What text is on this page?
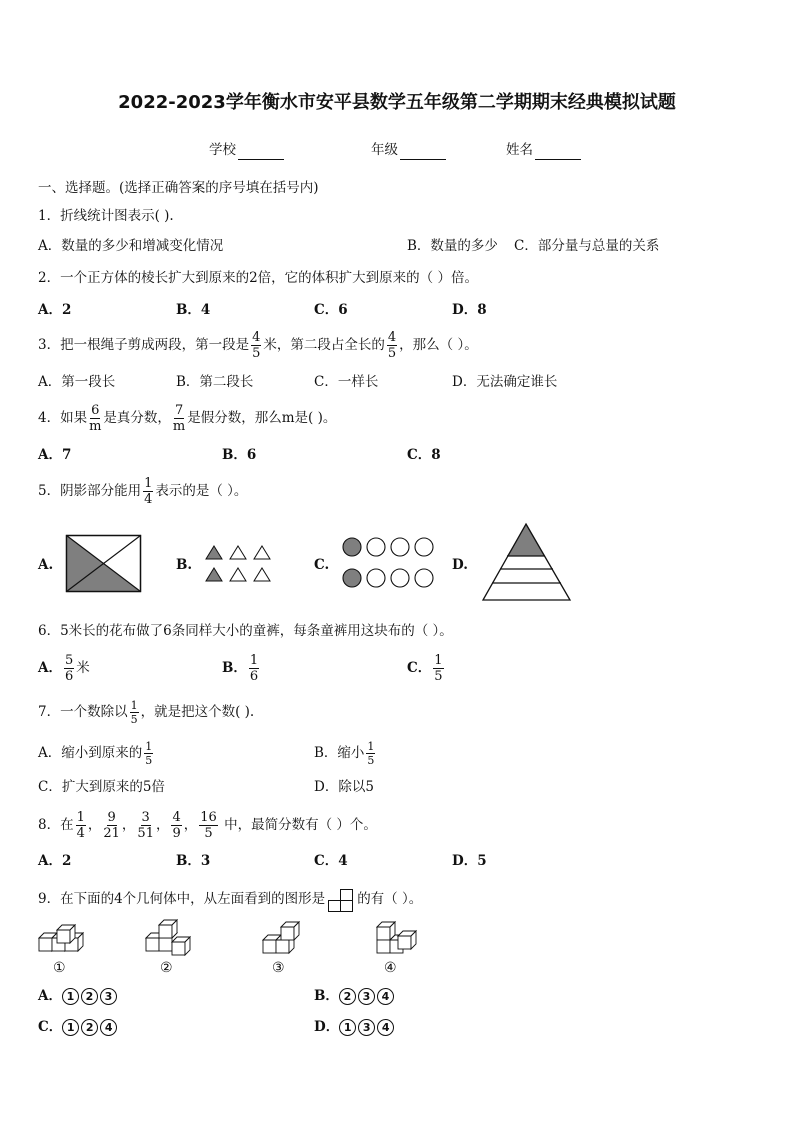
2022-2023学年衡水市安平县数学五年级第二学期期末经典模拟试题
学校	年级	姓名
一、选择题。(选择正确答案的序号填在括号内)
1．折线统计图表示( ).
A．数量的多少和增减变化情况	B．数量的多少 C．部分量与总量的关系
2．一个正方体的棱长扩大到原来的2倍，它的体积扩大到原来的（ ）倍。
A．2	B．4	C．6	D．8
3．把一根绳子剪成两段，第一段是 $\frac{4}{5}$ 米，第二段占全长的 $\frac{4}{5}$ ，那么（ ）。
A．第一段长	B．第二段长	C．一样长	D．无法确定谁长
4．如果 $\frac{6}{m}$ 是真分数， $\frac{7}{m}$ 是假分数，那么m是( )。
A．7	B．6	C．8
5．阴影部分能用 $\frac{1}{4}$ 表示的是（ ）。
A.	B.	C.	D.
6．5米长的花布做了6条同样大小的童裤，每条童裤用这块布的（ ）。
A． $\frac{5}{6}$ 米	B． $\frac{1}{6}$	C． $\frac{1}{5}$
7．一个数除以 $\frac{1}{5}$ ，就是把这个数( ).
A．缩小到原来的 $\frac{1}{5}$	B．缩小 $\frac{1}{5}$
C．扩大到原来的5倍	D．除以5
8．在 $\frac{1}{4}$ ， $\frac{9}{21}$ ， $\frac{3}{51}$ ， $\frac{4}{9}$ ， $\frac{16}{5}$ 中，最简分数有（ ）个。
A．2	B．3	C．4	D．5
9．在下面的4个几何体中，从左面看到的图形是 的有（ ）。
①	②	③	④
A． 1 2 3	B． 2 3 4
C． 1 2 4	D． 1 3 4
